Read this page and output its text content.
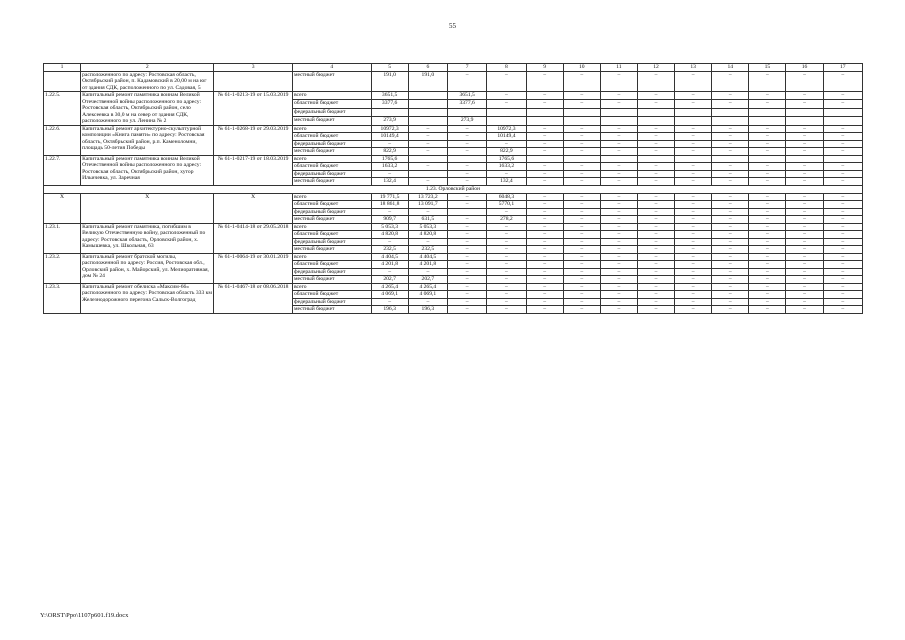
55
1	2	3	4	5	6	7	8	9	10	11	12	13	14	15	16	17
	расположенного по адресу: Ростовская область, Октябрьский район, п. Кадамовский в 20,00 м на юг от здания СДК, расположенного по ул. Садовая, 5		местный бюджет	191,0	191,0	–	–	–	–	–	–	–	–	–	–	–
1.22.5.	Капитальный ремонт памятника воинам Великой Отечественной войны расположенного по адресу: Ростовская область, Октябрьский район, село Алексеевка в 30,0 м на север от здания СДК, расположенного по ул. Ленина № 2	№ 61-1-0213-19 от 15.03.2019	всего	3651,5		3651,5	–	–	–	–	–	–	–	–	–	–
			областной бюджет	3377,6		3377,6	–	–	–	–	–	–	–	–	–	–
			федеральный бюджет													
			местный бюджет	273,9		273,9										
1.22.6.	Капитальный ремонт архитектурно-скульптурной композиции «Книга памяти» по адресу: Ростовская область, Октябрьский район, р.п. Каменоломни, площадь 50-летия Победы	№ 61-1-0268-19 от 29.03.2019	всего	10972,3	–	–	10972,3	–	–	–	–	–	–	–	–	–
			областной бюджет	10149,4	–	–	10149,4	–	–	–	–	–	–	–	–	–
			федеральный бюджет	–	–	–	–	–	–	–	–	–	–	–	–	–
			местный бюджет	822,9	–	–	822,9	–	–	–	–	–	–	–	–	–
1.22.7.	Капитальный ремонт памятника воинам Великой Отечественной войны расположенного по адресу: Ростовская область, Октябрьский район, хутор Ильичевка, ул. Заречная	№ 61-1-0217-19 от 18.03.2019	всего	1765,6			1765,6									
			областной бюджет	1633,2	–	–	1633,2	–	–	–	–	–	–	–	–	–
			федеральный бюджет	–		–	–	–	–	–	–	–	–	–	–	–
			местный бюджет	132,4	–	–	132,4	–	–	–	–	–	–	–	–	–
1.23. Орловский район																
Х	Х	Х	всего	19 771,5	13 723,2	–	6048,3	–	–	–	–	–	–	–	–	–
			областной бюджет	18 861,8	13 091,7	–	5770,1	–	–	–	–	–	–	–	–	–
			федеральный бюджет	–	–		–	–	–	–	–	–	–	–	–	–
			местный бюджет	909,7	631,5	–	278,2	–	–	–	–	–	–	–	–	–
1.23.1.	Капитальный ремонт памятника, погибшим в Великую Отечественную войну, расположенный по адресу: Ростовская область, Орловский район, х. Камышевка, ул. Школьная, 63	№ 61-1-0414-18 от 29.05.2018	всего	5 053,3	5 053,3	–	–	–	–	–	–	–	–	–	–	–
			областной бюджет	4 820,8	4 820,8	–	–	–	–	–	–	–	–	–	–	–
			федеральный бюджет	–	–	–	–	–	–	–	–	–	–	–	–	–
			местный бюджет	232,5	232,5	–	–	–	–	–	–	–	–	–	–	–
1.23.2.	Капитальный ремонт братской могилы, расположенной по адресу: Россия, Ростовская обл., Орловский район, х. Майорский, ул. Мелиоративная, дом № 24	№ 61-1-0064-19 от 30.01.2019	всего	4 404,5	4 404,5	–	–	–	–	–	–	–	–	–	–	–
			областной бюджет	4 201,8	4 201,8	–	–	–	–	–	–	–	–	–	–	–
			федеральный бюджет	–	–	–	–	–	–	–	–	–	–	–	–	–
			местный бюджет	202,7	202,7	–	–	–	–	–	–	–	–	–	–	–
1.23.3.	Капитальный ремонт обелиска «Максим-66» расположенного по адресу: Ростовская область 333 км Железнодорожного перегона Сальск-Волгоград	№ 61-1-0467-18 от 08.06.2018	всего	4 265,4	4 265,4	–	–	–	–	–	–	–	–	–	–	–
			областной бюджет	4 069,1	4 069,1	–	–	–	–	–	–	–	–	–	–	–
			федеральный бюджет	–	–	–	–	–	–	–	–	–	–	–	–	–
			местный бюджет	196,3	196,3	–	–	–	–	–	–	–	–	–	–	–
Y:\ORST\Ppo\1107p601.f19.docx
